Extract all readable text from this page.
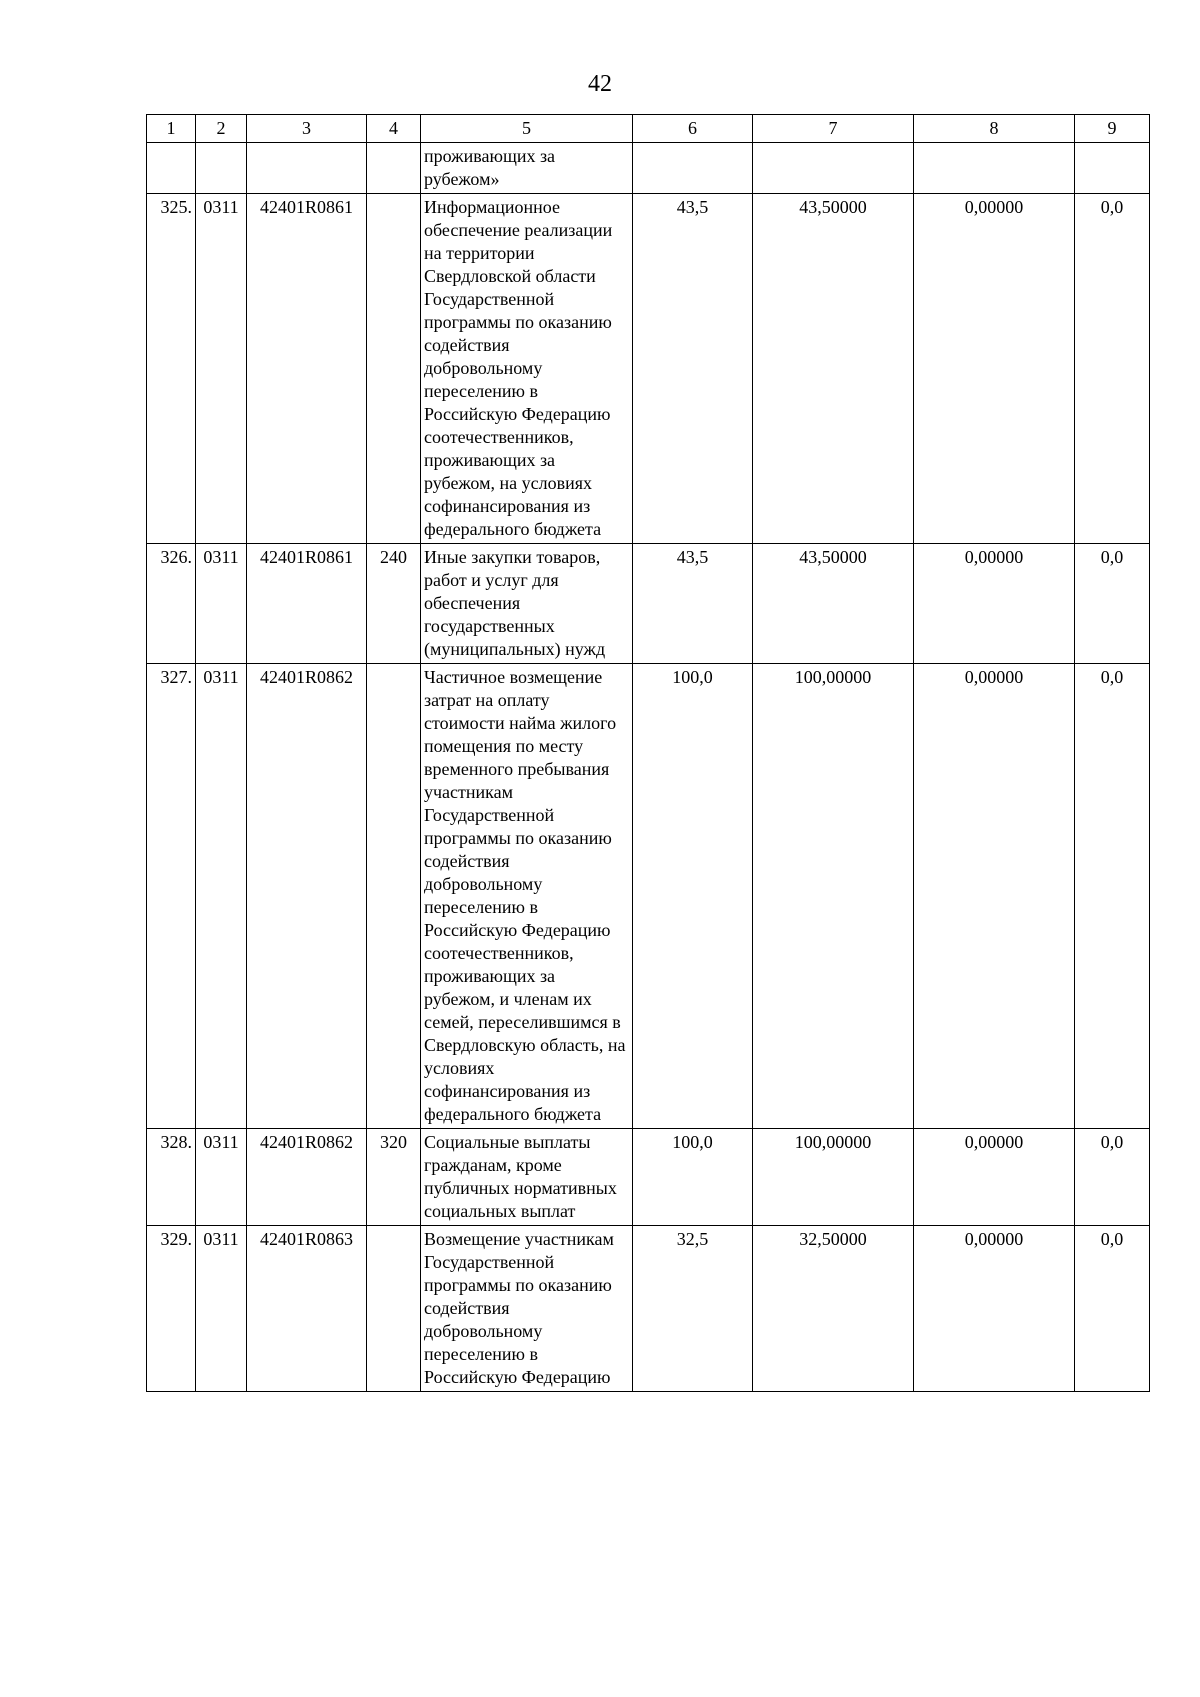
42
1	2	3	4	5	6	7	8	9
				проживающих за рубежом»				
325.	0311	42401R0861		Информационное обеспечение реализации на территории Свердловской области Государственной программы по оказанию содействия добровольному переселению в Российскую Федерацию соотечественников, проживающих за рубежом, на условиях софинансирования из федерального бюджета	43,5	43,50000	0,00000	0,0
326.	0311	42401R0861	240	Иные закупки товаров, работ и услуг для обеспечения государственных (муниципальных) нужд	43,5	43,50000	0,00000	0,0
327.	0311	42401R0862		Частичное возмещение затрат на оплату стоимости найма жилого помещения по месту временного пребывания участникам Государственной программы по оказанию содействия добровольному переселению в Российскую Федерацию соотечественников, проживающих за рубежом, и членам их семей, переселившимся в Свердловскую область, на условиях софинансирования из федерального бюджета	100,0	100,00000	0,00000	0,0
328.	0311	42401R0862	320	Социальные выплаты гражданам, кроме публичных нормативных социальных выплат	100,0	100,00000	0,00000	0,0
329.	0311	42401R0863		Возмещение участникам Государственной программы по оказанию содействия добровольному переселению в Российскую Федерацию	32,5	32,50000	0,00000	0,0
